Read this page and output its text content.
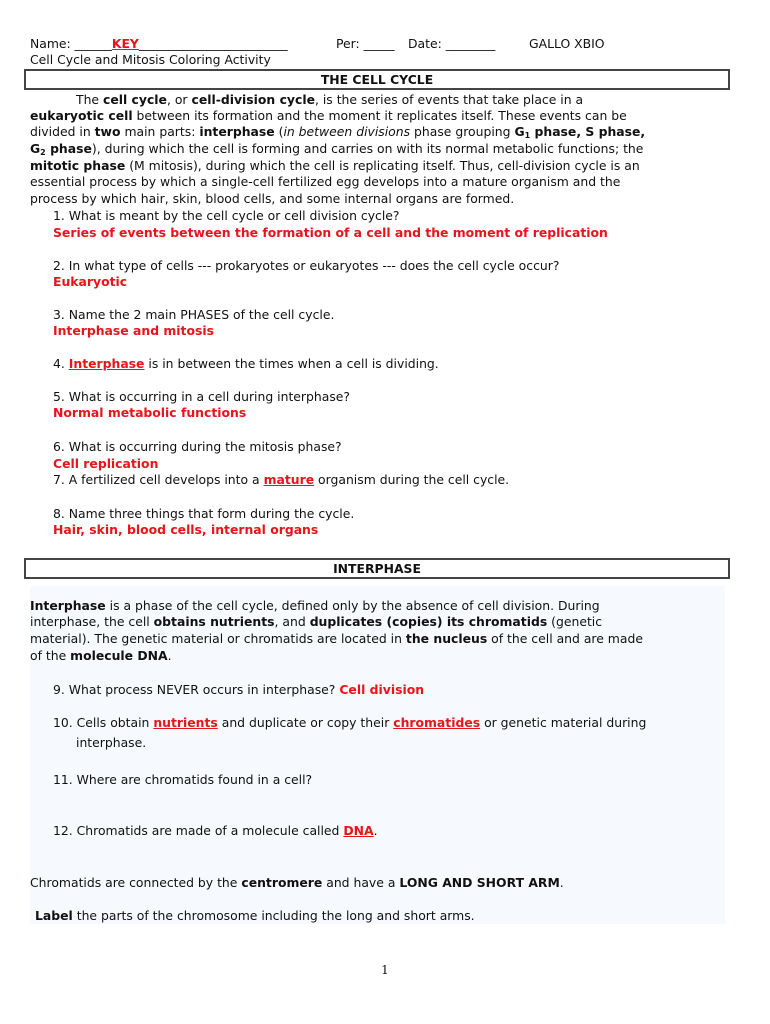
Name: ______KEY________________________	Per: _____ Date: ________	GALLO XBIO
Cell Cycle and Mitosis Coloring Activity
THE CELL CYCLE
The cell cycle, or cell-division cycle, is the series of events that take place in a
eukaryotic cell between its formation and the moment it replicates itself. These events can be
divided in two main parts: interphase (in between divisions phase grouping $G_1$ phase, S phase,
$G_2$ phase), during which the cell is forming and carries on with its normal metabolic functions; the
mitotic phase (M mitosis), during which the cell is replicating itself. Thus, cell-division cycle is an
essential process by which a single-cell fertilized egg develops into a mature organism and the
process by which hair, skin, blood cells, and some internal organs are formed.
1. What is meant by the cell cycle or cell division cycle?
Series of events between the formation of a cell and the moment of replication
2. In what type of cells --- prokaryotes or eukaryotes --- does the cell cycle occur?
Eukaryotic
3. Name the 2 main PHASES of the cell cycle.
Interphase and mitosis
4. Interphase is in between the times when a cell is dividing.
5. What is occurring in a cell during interphase?
Normal metabolic functions
6. What is occurring during the mitosis phase?
Cell replication
7. A fertilized cell develops into a mature organism during the cell cycle.
8. Name three things that form during the cycle.
Hair, skin, blood cells, internal organs
INTERPHASE
Interphase is a phase of the cell cycle, defined only by the absence of cell division. During
interphase, the cell obtains nutrients, and duplicates (copies) its chromatids (genetic
material). The genetic material or chromatids are located in the nucleus of the cell and are made
of the molecule DNA.
9. What process NEVER occurs in interphase? Cell division
10. Cells obtain nutrients and duplicate or copy their chromatides or genetic material during
interphase.
11. Where are chromatids found in a cell?
12. Chromatids are made of a molecule called DNA.
Chromatids are connected by the centromere and have a LONG AND SHORT ARM.
Label the parts of the chromosome including the long and short arms.
1
